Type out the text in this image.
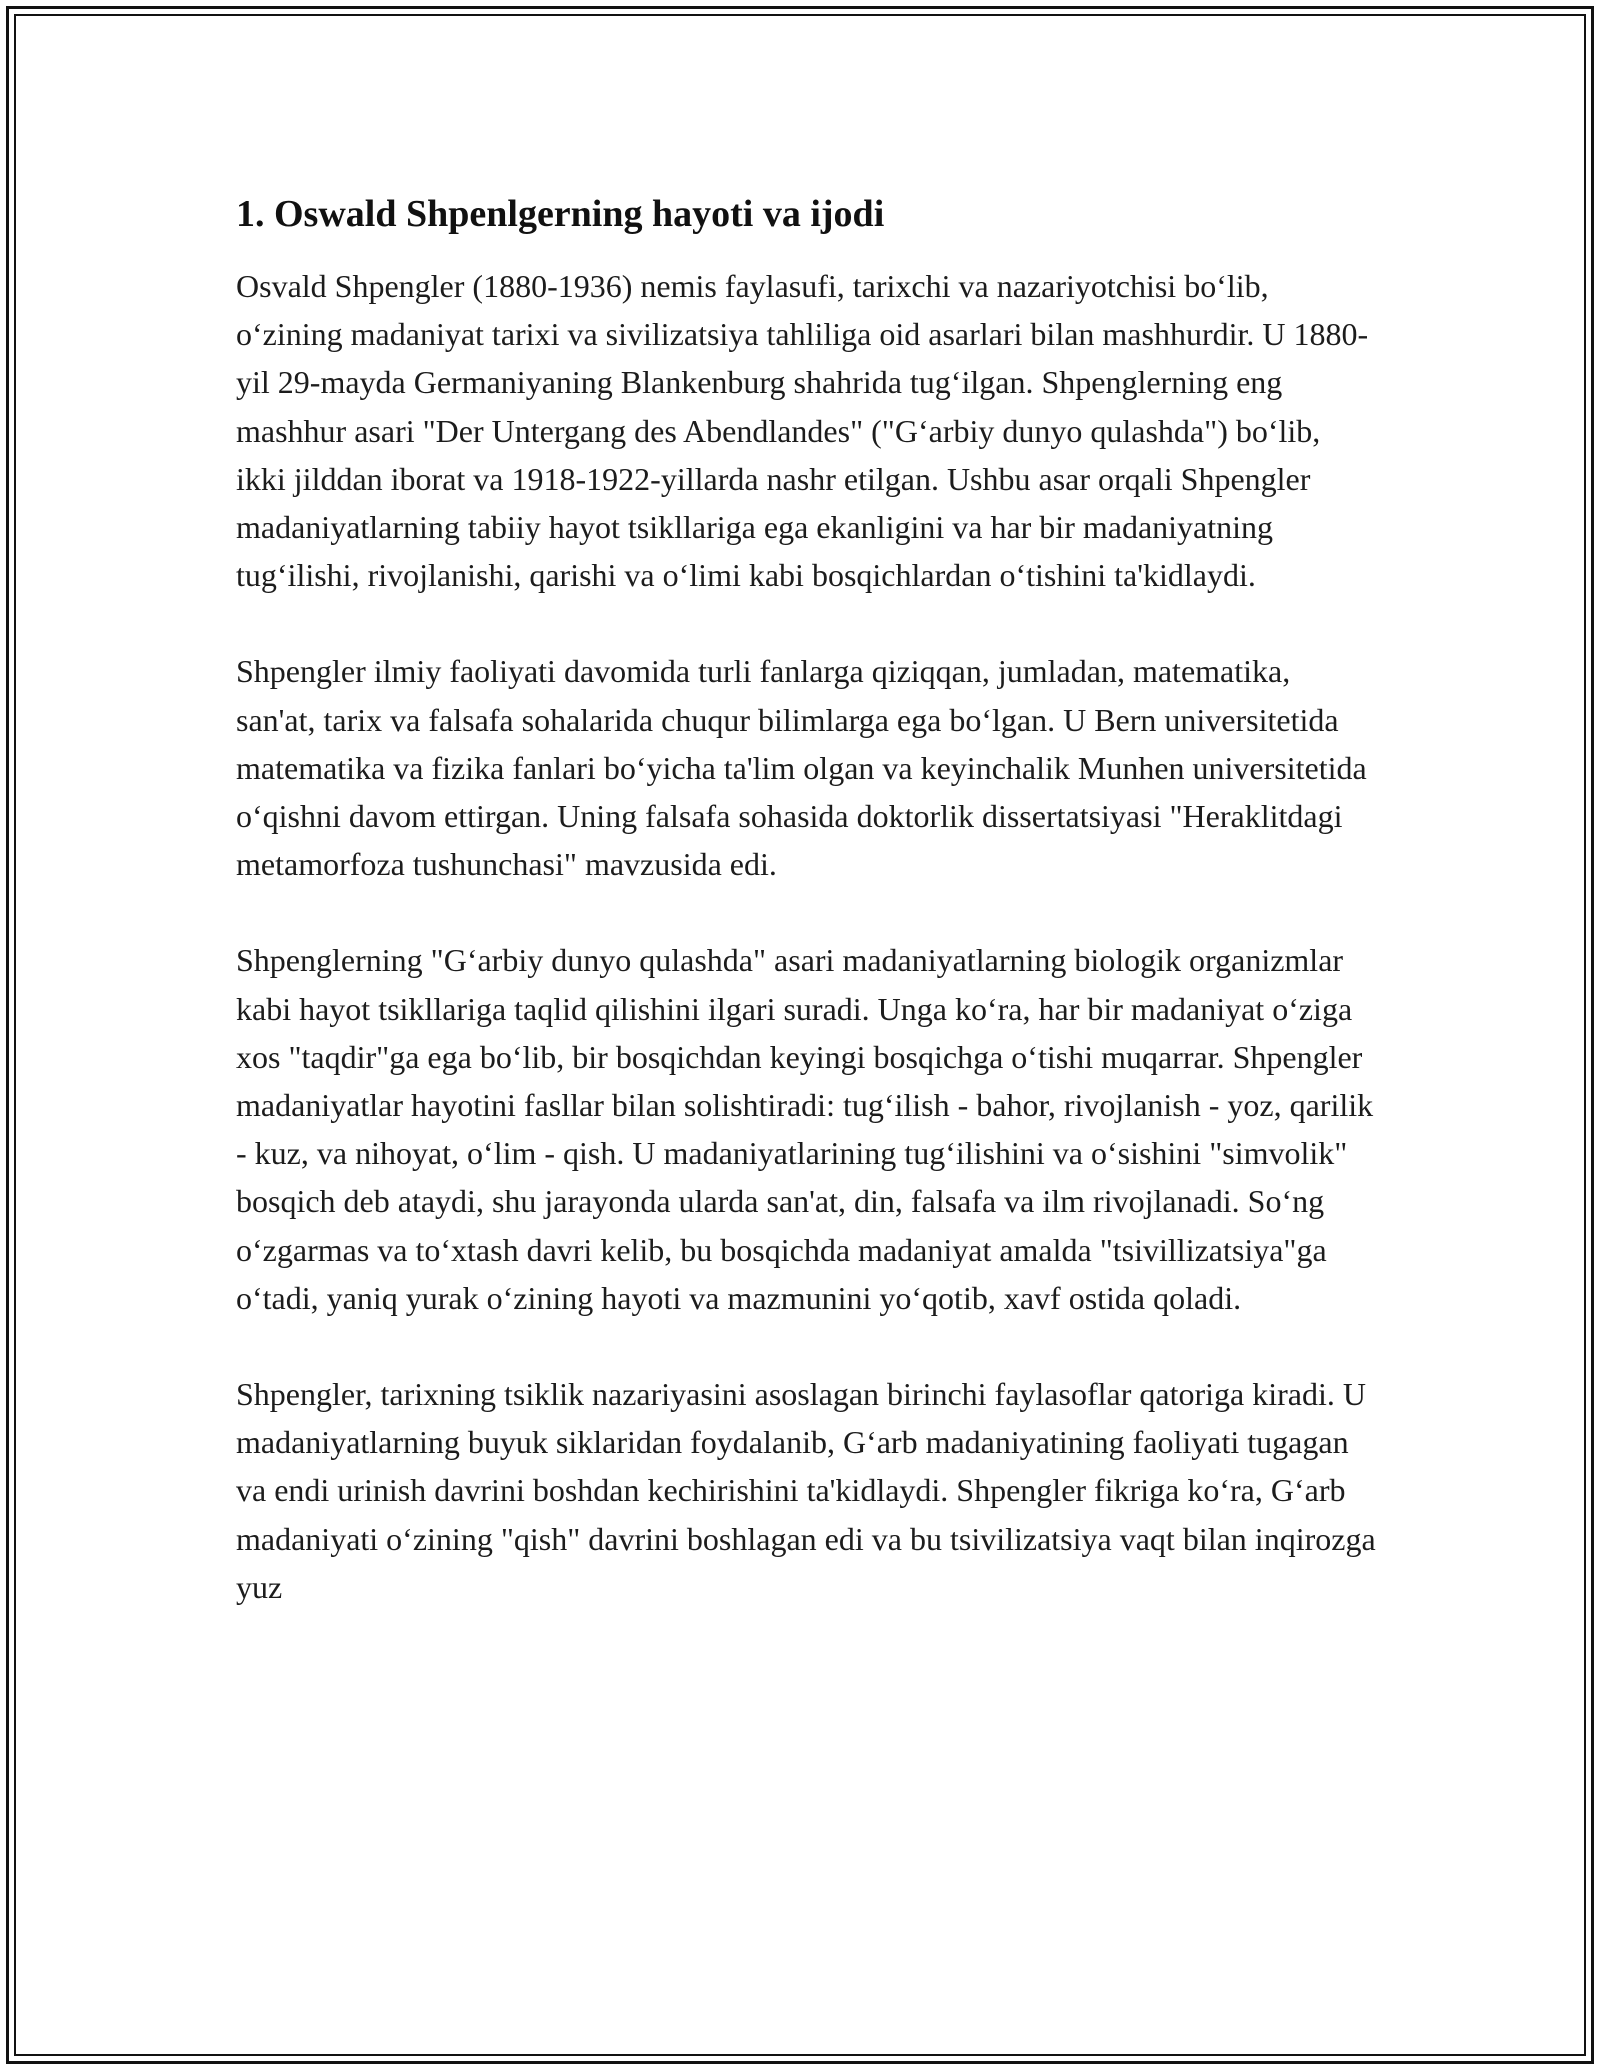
1. Oswald Shpenlgerning hayoti va ijodi

Osvald Shpengler (1880-1936) nemis faylasufi, tarixchi va nazariyotchisi bo‘lib, o‘zining madaniyat tarixi va sivilizatsiya tahliliga oid asarlari bilan mashhurdir. U 1880-yil 29-mayda Germaniyaning Blankenburg shahrida tug‘ilgan. Shpenglerning eng mashhur asari "Der Untergang des Abendlandes" ("G‘arbiy dunyo qulashda") bo‘lib, ikki jilddan iborat va 1918-1922-yillarda nashr etilgan. Ushbu asar orqali Shpengler madaniyatlarning tabiiy hayot tsikllariga ega ekanligini va har bir madaniyatning tug‘ilishi, rivojlanishi, qarishi va o‘limi kabi bosqichlardan o‘tishini ta'kidlaydi.

Shpengler ilmiy faoliyati davomida turli fanlarga qiziqqan, jumladan, matematika, san'at, tarix va falsafa sohalarida chuqur bilimlarga ega bo‘lgan. U Bern universitetida matematika va fizika fanlari bo‘yicha ta'lim olgan va keyinchalik Munhen universitetida o‘qishni davom ettirgan. Uning falsafa sohasida doktorlik dissertatsiyasi "Heraklitdagi metamorfoza tushunchasi" mavzusida edi.

Shpenglerning "G‘arbiy dunyo qulashda" asari madaniyatlarning biologik organizmlar kabi hayot tsikllariga taqlid qilishini ilgari suradi. Unga ko‘ra, har bir madaniyat o‘ziga xos "taqdir"ga ega bo‘lib, bir bosqichdan keyingi bosqichga o‘tishi muqarrar. Shpengler madaniyatlar hayotini fasllar bilan solishtiradi: tug‘ilish - bahor, rivojlanish - yoz, qarilik - kuz, va nihoyat, o‘lim - qish. U madaniyatlarining tug‘ilishini va o‘sishini "simvolik" bosqich deb ataydi, shu jarayonda ularda san'at, din, falsafa va ilm rivojlanadi. So‘ng o‘zgarmas va to‘xtash davri kelib, bu bosqichda madaniyat amalda "tsivillizatsiya"ga o‘tadi, yaniq yurak o‘zining hayoti va mazmunini yo‘qotib, xavf ostida qoladi.

Shpengler, tarixning tsiklik nazariyasini asoslagan birinchi faylasoflar qatoriga kiradi. U madaniyatlarning buyuk siklaridan foydalanib, G‘arb madaniyatining faoliyati tugagan va endi urinish davrini boshdan kechirishini ta'kidlaydi. Shpengler fikriga ko‘ra, G‘arb madaniyati o‘zining "qish" davrini boshlagan edi va bu tsivilizatsiya vaqt bilan inqirozga yuz
